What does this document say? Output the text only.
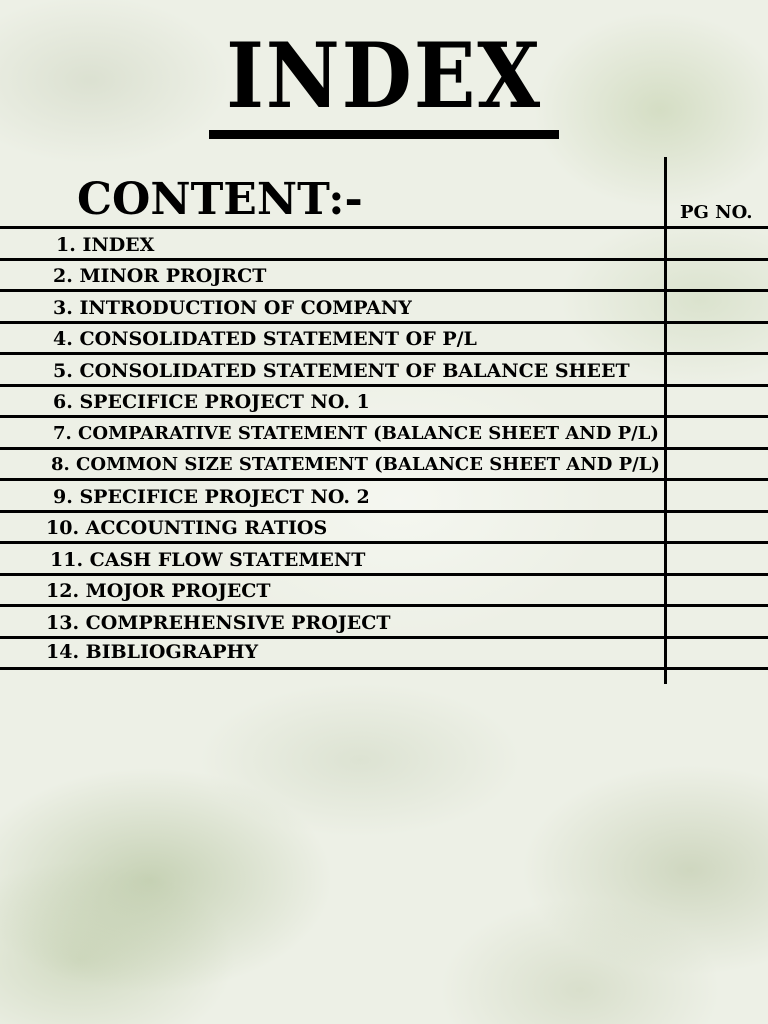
INDEX
CONTENT:-	PG NO.
1. INDEX
2. MINOR PROJRCT
3. INTRODUCTION OF COMPANY
4. CONSOLIDATED STATEMENT OF P/L
5. CONSOLIDATED STATEMENT OF BALANCE SHEET
6. SPECIFICE PROJECT NO. 1
7. COMPARATIVE STATEMENT (BALANCE SHEET AND P/L)
8. COMMON SIZE STATEMENT (BALANCE SHEET AND P/L)
9. SPECIFICE PROJECT NO. 2
10. ACCOUNTING RATIOS
11. CASH FLOW STATEMENT
12. MOJOR PROJECT
13. COMPREHENSIVE PROJECT
14. BIBLIOGRAPHY
